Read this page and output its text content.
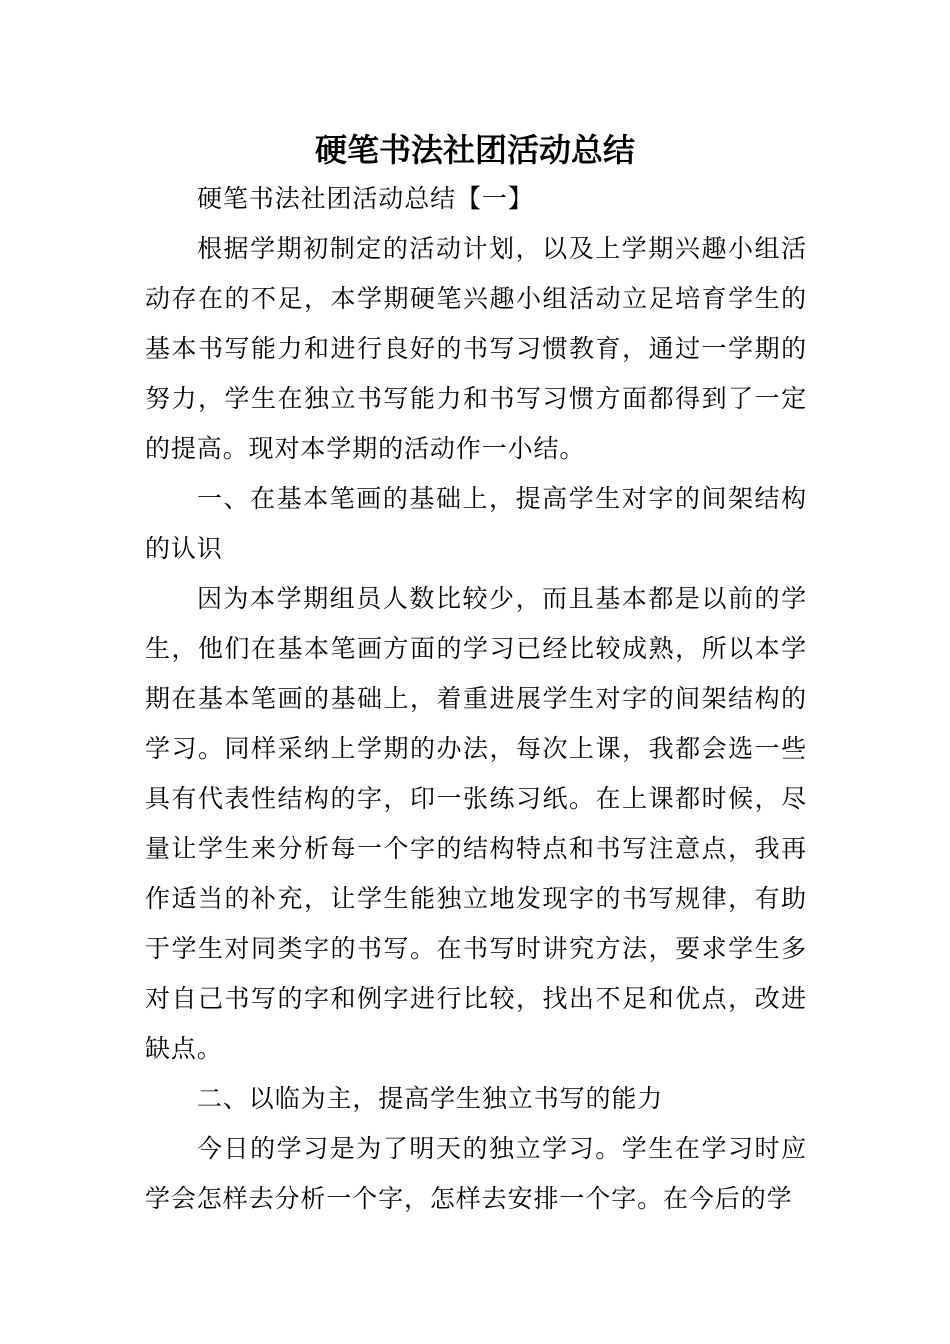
硬笔书法社团活动总结

硬笔书法社团活动总结【一】

根据学期初制定的活动计划，以及上学期兴趣小组活动存在的不足，本学期硬笔兴趣小组活动立足培育学生的基本书写能力和进行良好的书写习惯教育，通过一学期的努力，学生在独立书写能力和书写习惯方面都得到了一定的提高。现对本学期的活动作一小结。

一、在基本笔画的基础上，提高学生对字的间架结构的认识

因为本学期组员人数比较少，而且基本都是以前的学生，他们在基本笔画方面的学习已经比较成熟，所以本学期在基本笔画的基础上，着重进展学生对字的间架结构的学习。同样采纳上学期的办法，每次上课，我都会选一些具有代表性结构的字，印一张练习纸。在上课都时候，尽量让学生来分析每一个字的结构特点和书写注意点，我再作适当的补充，让学生能独立地发现字的书写规律，有助于学生对同类字的书写。在书写时讲究方法，要求学生多对自己书写的字和例字进行比较，找出不足和优点，改进缺点。

二、以临为主，提高学生独立书写的能力

今日的学习是为了明天的独立学习。学生在学习时应学会怎样去分析一个字，怎样去安排一个字。在今后的学
